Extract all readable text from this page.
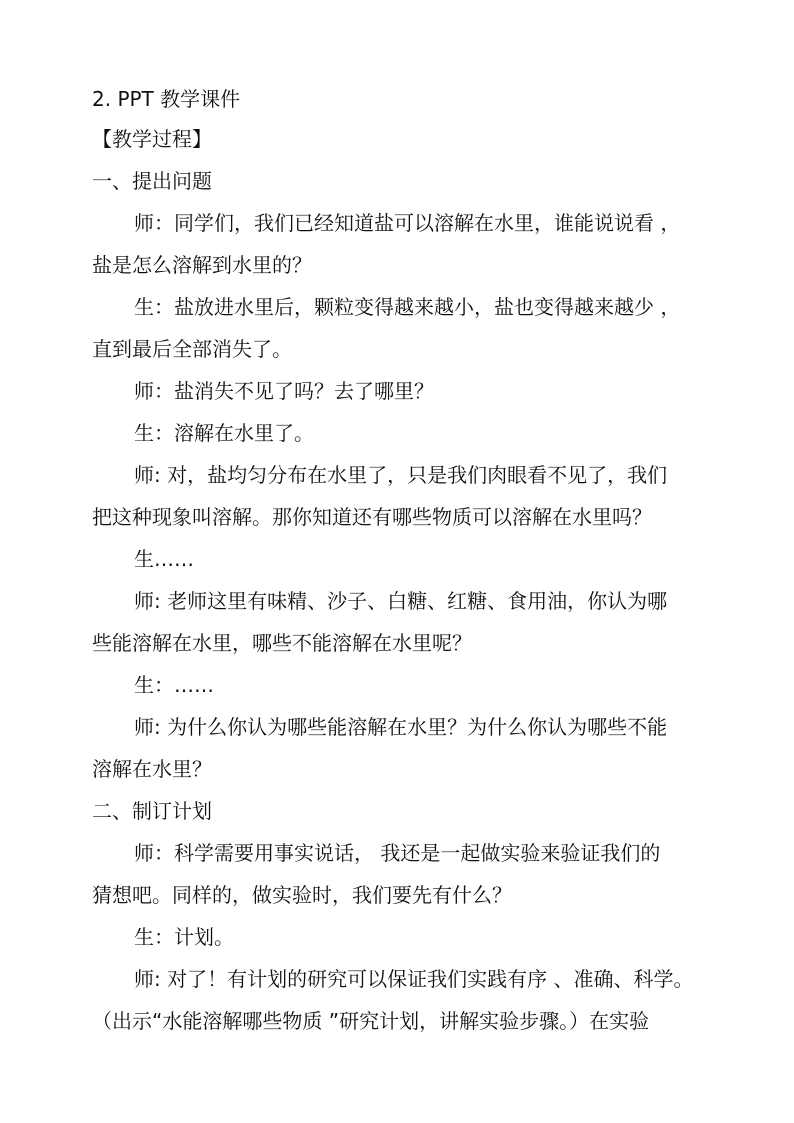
2. PPT 教学课件
【教学过程】
一、提出问题
师：同学们，我们已经知道盐可以溶解在水里，谁能说说看 ，
盐是怎么溶解到水里的？
生：盐放进水里后，颗粒变得越来越小，盐也变得越来越少 ，
直到最后全部消失了。
师：盐消失不见了吗？去了哪里？
生：溶解在水里了。
师: 对，盐均匀分布在水里了，只是我们肉眼看不见了，我们
把这种现象叫溶解。那你知道还有哪些物质可以溶解在水里吗？
生……
师: 老师这里有味精、沙子、白糖、红糖、食用油，你认为哪
些能溶解在水里，哪些不能溶解在水里呢？
生：……
师: 为什么你认为哪些能溶解在水里？为什么你认为哪些不能
溶解在水里？
二、制订计划
师：科学需要用事实说话， 我还是一起做实验来验证我们的
猜想吧。同样的，做实验时，我们要先有什么？
生：计划。
师: 对了！有计划的研究可以保证我们实践有序 、准确、科学。
（出示“水能溶解哪些物质 ”研究计划，讲解实验步骤。）在实验
